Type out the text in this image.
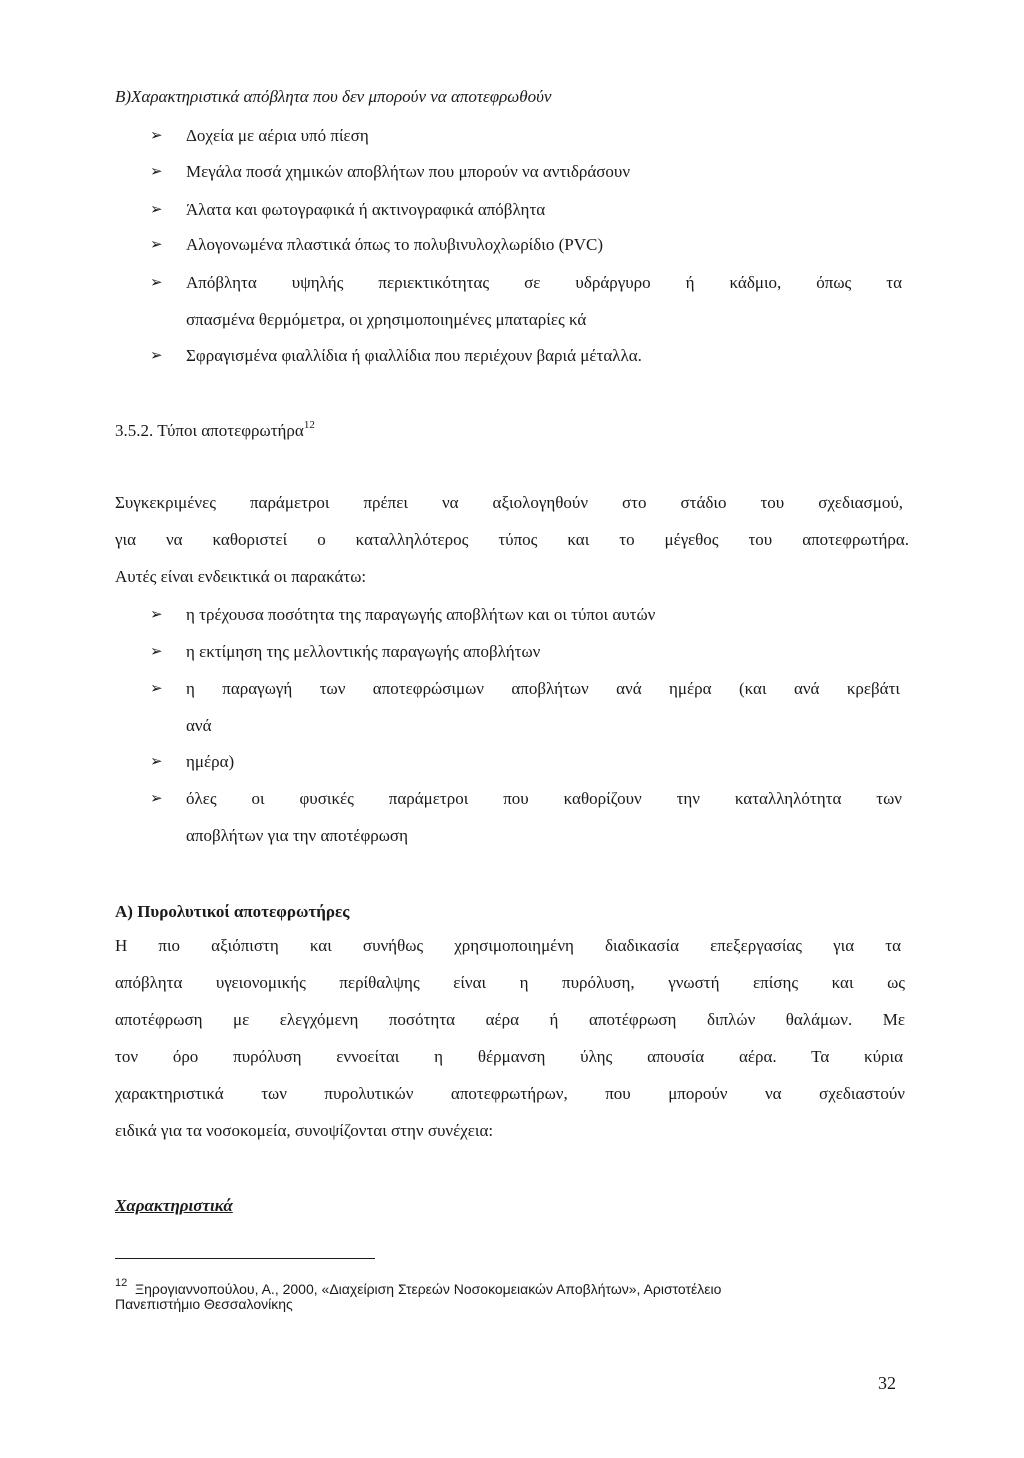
Β)Χαρακτηριστικά απόβλητα που δεν μπορούν να αποτεφρωθούν
➢	Δοχεία με αέρια υπό πίεση
➢	Μεγάλα ποσά χημικών αποβλήτων που μπορούν να αντιδράσουν
➢	Άλατα και φωτογραφικά ή ακτινογραφικά απόβλητα
➢	Αλογονωμένα πλαστικά όπως το πολυβινυλοχλωρίδιο (PVC)
➢	Απόβλητα υψηλής περιεκτικότητας σε υδράργυρο ή κάδμιο, όπως τα
σπασμένα θερμόμετρα, οι χρησιμοποιημένες μπαταρίες κά
➢	Σφραγισμένα φιαλλίδια ή φιαλλίδια που περιέχουν βαριά μέταλλα.
3.5.2. Τύποι αποτεφρωτήρα$^{12}$
Συγκεκριμένες παράμετροι πρέπει να αξιολογηθούν στο στάδιο του σχεδιασμού,
για να καθοριστεί ο καταλληλότερος τύπος και το μέγεθος του αποτεφρωτήρα.
Αυτές είναι ενδεικτικά οι παρακάτω:
➢	η τρέχουσα ποσότητα της παραγωγής αποβλήτων και οι τύποι αυτών
➢	η εκτίμηση της μελλοντικής παραγωγής αποβλήτων
➢	η παραγωγή των αποτεφρώσιμων αποβλήτων ανά ημέρα (και ανά κρεβάτι
ανά
➢	ημέρα)
➢	όλες οι φυσικές παράμετροι που καθορίζουν την καταλληλότητα των
αποβλήτων για την αποτέφρωση
Α) Πυρολυτικοί αποτεφρωτήρες
Η πιο αξιόπιστη και συνήθως χρησιμοποιημένη διαδικασία επεξεργασίας για τα
απόβλητα υγειονομικής περίθαλψης είναι η πυρόλυση, γνωστή επίσης και ως
αποτέφρωση με ελεγχόμενη ποσότητα αέρα ή αποτέφρωση διπλών θαλάμων. Με
τον όρο πυρόλυση εννοείται η θέρμανση ύλης απουσία αέρα. Τα κύρια
χαρακτηριστικά των πυρολυτικών αποτεφρωτήρων, που μπορούν να σχεδιαστούν
ειδικά για τα νοσοκομεία, συνοψίζονται στην συνέχεια:
Χαρακτηριστικά
$^{12}$ Ξηρογιαννοπούλου, Α., 2000, «Διαχείριση Στερεών Νοσοκομειακών Αποβλήτων», Αριστοτέλειο
Πανεπιστήμιο Θεσσαλονίκης
32
